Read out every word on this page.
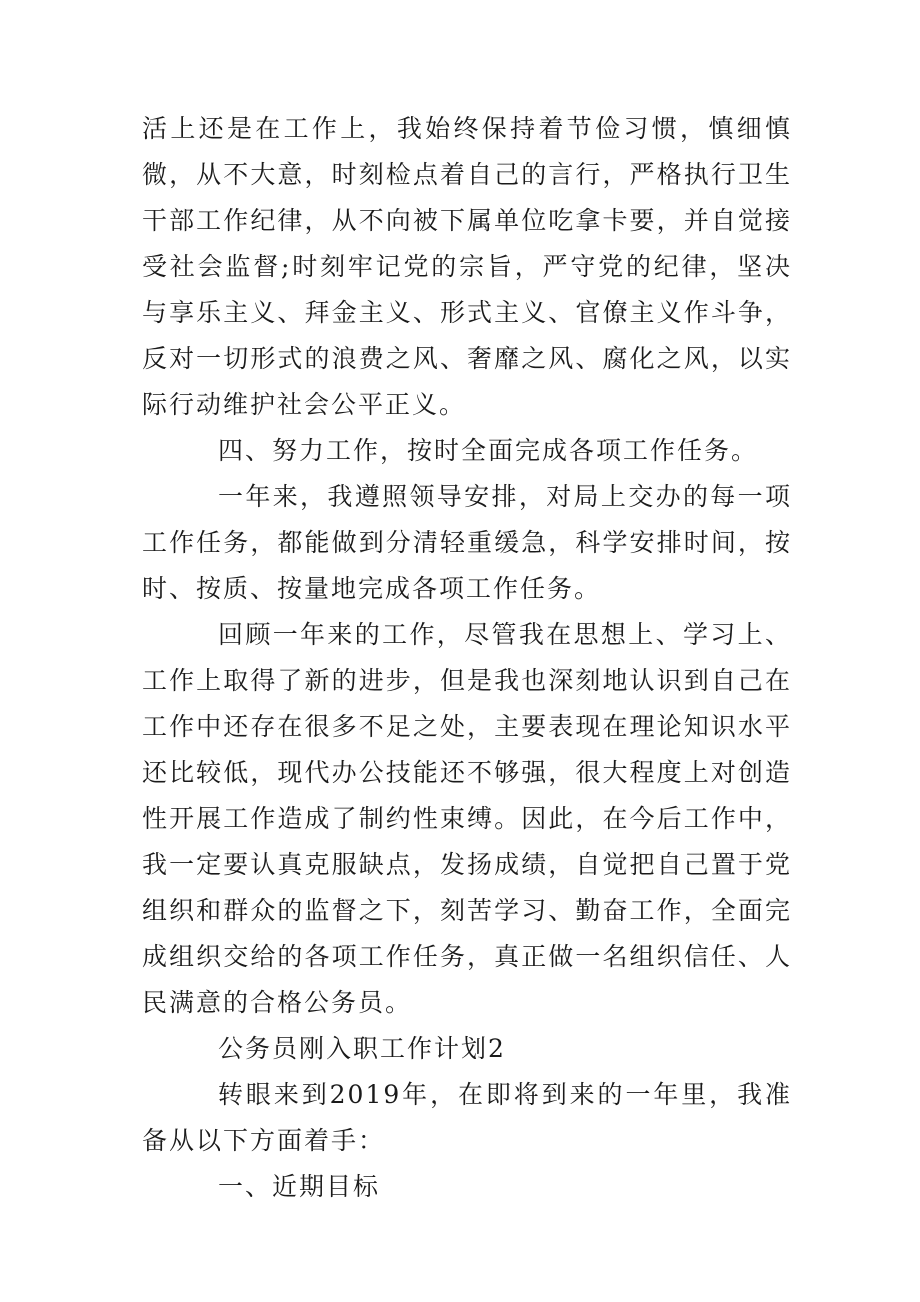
活上还是在工作上，我始终保持着节俭习惯，慎细慎微，从不大意，时刻检点着自己的言行，严格执行卫生干部工作纪律，从不向被下属单位吃拿卡要，并自觉接受社会监督;时刻牢记党的宗旨，严守党的纪律，坚决与享乐主义、拜金主义、形式主义、官僚主义作斗争，反对一切形式的浪费之风、奢靡之风、腐化之风，以实际行动维护社会公平正义。

四、努力工作，按时全面完成各项工作任务。

一年来，我遵照领导安排，对局上交办的每一项工作任务，都能做到分清轻重缓急，科学安排时间，按时、按质、按量地完成各项工作任务。

回顾一年来的工作，尽管我在思想上、学习上、工作上取得了新的进步，但是我也深刻地认识到自己在工作中还存在很多不足之处，主要表现在理论知识水平还比较低，现代办公技能还不够强，很大程度上对创造性开展工作造成了制约性束缚。因此，在今后工作中，我一定要认真克服缺点，发扬成绩，自觉把自己置于党组织和群众的监督之下，刻苦学习、勤奋工作，全面完成组织交给的各项工作任务，真正做一名组织信任、人民满意的合格公务员。

公务员刚入职工作计划2

转眼来到2019年，在即将到来的一年里，我准备从以下方面着手：

一、近期目标
